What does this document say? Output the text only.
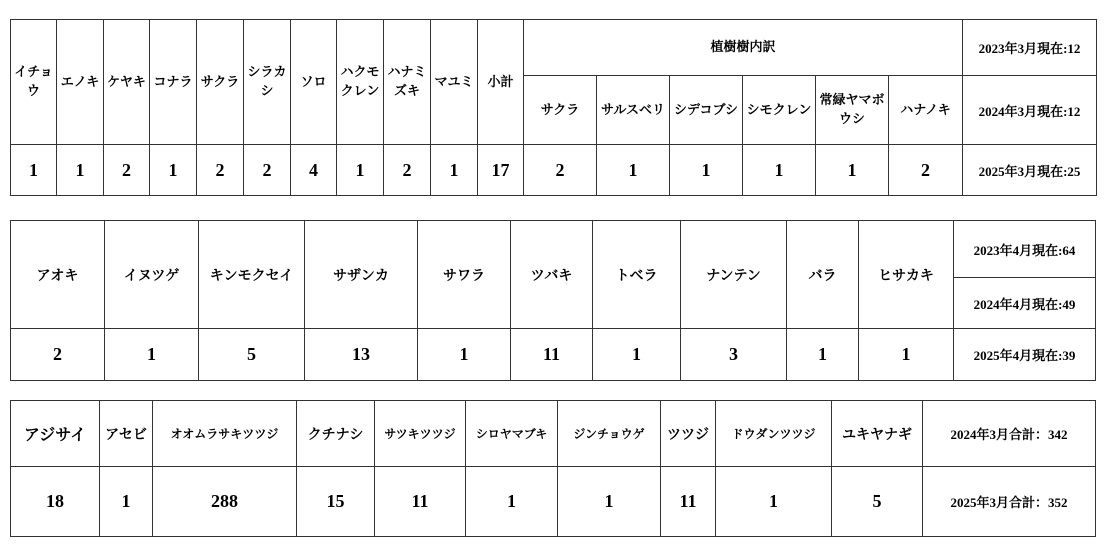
イチョウ	エノキ	ケヤキ	コナラ	サクラ	シラカシ	ソロ	ハクモクレン	ハナミズキ	マユミ	小計	植樹樹内訳						2023年3月現在:12
											サクラ	サルスベリ	シデコブシ	シモクレン	常緑ヤマボウシ	ハナノキ	2024年3月現在:12
1	1	2	1	2	2	4	1	2	1	17	2	1	1	1	1	2	2025年3月現在:25
アオキ	イヌツゲ	キンモクセイ	サザンカ	サワラ	ツバキ	トベラ	ナンテン	バラ	ヒサカキ	2023年4月現在:64
										2024年4月現在:49
2	1	5	13	1	11	1	3	1	1	2025年4月現在:39
アジサイ	アセビ	オオムラサキツツジ	クチナシ	サツキツツジ	シロヤマブキ	ジンチョウゲ	ツツジ	ドウダンツツジ	ユキヤナギ	2024年3月合計：342
18	1	288	15	11	1	1	11	1	5	2025年3月合計：352
